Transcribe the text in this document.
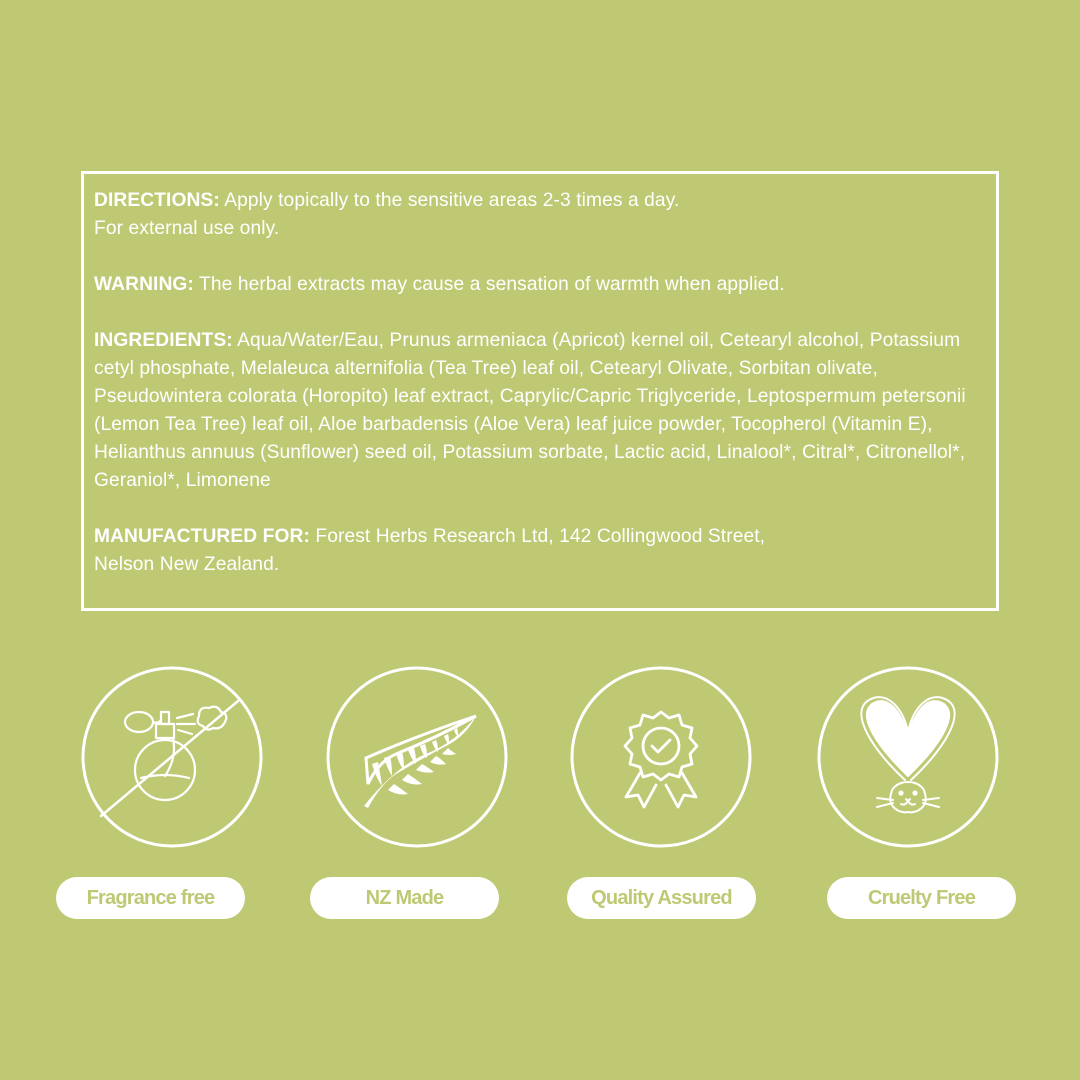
DIRECTIONS: Apply topically to the sensitive areas 2-3 times a day.
For external use only.

WARNING: The herbal extracts may cause a sensation of warmth when applied.

INGREDIENTS: Aqua/Water/Eau, Prunus armeniaca (Apricot) kernel oil, Cetearyl alcohol, Potassium cetyl phosphate, Melaleuca alternifolia (Tea Tree) leaf oil, Cetearyl Olivate, Sorbitan olivate, Pseudowintera colorata (Horopito) leaf extract, Caprylic/Capric Triglyceride, Leptospermum petersonii (Lemon Tea Tree) leaf oil, Aloe barbadensis (Aloe Vera) leaf juice powder, Tocopherol (Vitamin E), Helianthus annuus (Sunflower) seed oil, Potassium sorbate, Lactic acid, Linalool*, Citral*, Citronellol*, Geraniol*, Limonene

MANUFACTURED FOR: Forest Herbs Research Ltd, 142 Collingwood Street,
Nelson New Zealand.

Fragrance free	NZ Made	Quality Assured	Cruelty Free
